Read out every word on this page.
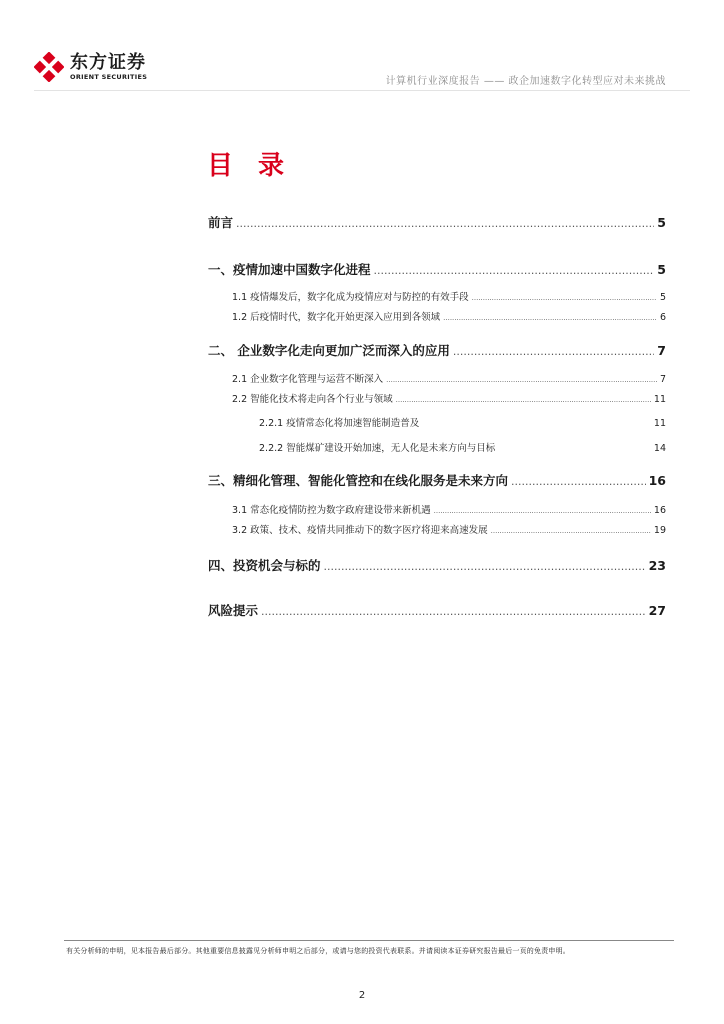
东方证券
ORIENT SECURITIES	计算机行业深度报告 —— 政企加速数字化转型应对未来挑战
目 录
前言 .....	5
一、疫情加速中国数字化进程 .....	5
1.1 疫情爆发后，数字化成为疫情应对与防控的有效手段 .....	5
1.2 后疫情时代，数字化开始更深入应用到各领域 .....	6
二、 企业数字化走向更加广泛而深入的应用 .....	7
2.1 企业数字化管理与运营不断深入 .....	7
2.2 智能化技术将走向各个行业与领域 .....	11
2.2.1 疫情常态化将加速智能制造普及	11
2.2.2 智能煤矿建设开始加速，无人化是未来方向与目标	14
三、精细化管理、智能化管控和在线化服务是未来方向 .....	16
3.1 常态化疫情防控为数字政府建设带来新机遇 .....	16
3.2 政策、技术、疫情共同推动下的数字医疗将迎来高速发展 .....	19
四、投资机会与标的 .....	23
风险提示 .....	27
有关分析师的申明，见本报告最后部分。其他重要信息披露见分析师申明之后部分，或请与您的投资代表联系。并请阅读本证券研究报告最后一页的免责申明。
2
